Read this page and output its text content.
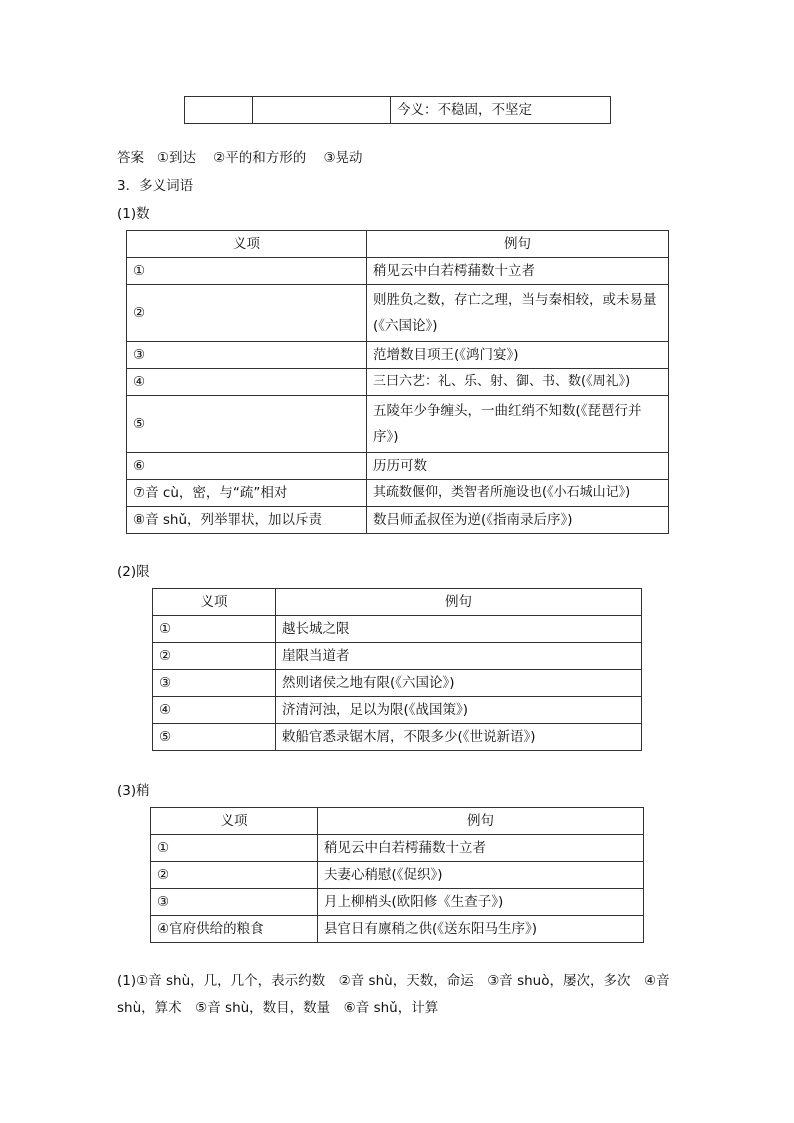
		今义：不稳固，不坚定
答案 ①到达 ②平的和方形的 ③晃动
3．多义词语
(1)数
义项	例句
①	稍见云中白若樗蒱数十立者
②	则胜负之数，存亡之理，当与秦相较，或未易量(《六国论》)
③	范增数目项王(《鸿门宴》)
④	三曰六艺：礼、乐、射、御、书、数(《周礼》)
⑤	五陵年少争缠头，一曲红绡不知数(《琵琶行并序》)
⑥	历历可数
⑦音 cù，密，与“疏”相对	其疏数偃仰，类智者所施设也(《小石城山记》)
⑧音 shǔ，列举罪状，加以斥责	数吕师孟叔侄为逆(《指南录后序》)
(2)限
义项	例句
①	越长城之限
②	崖限当道者
③	然则诸侯之地有限(《六国论》)
④	济清河浊，足以为限(《战国策》)
⑤	敕船官悉录锯木屑，不限多少(《世说新语》)
(3)稍
义项	例句
①	稍见云中白若樗蒱数十立者
②	夫妻心稍慰(《促织》)
③	月上柳梢头(欧阳修《生查子》)
④官府供给的粮食	县官日有廪稍之供(《送东阳马生序》)
(1)①音 shù，几，几个，表示约数　②音 shù，天数，命运　③音 shuò，屡次，多次　④音
shù，算术　⑤音 shù，数目，数量　⑥音 shǔ，计算
